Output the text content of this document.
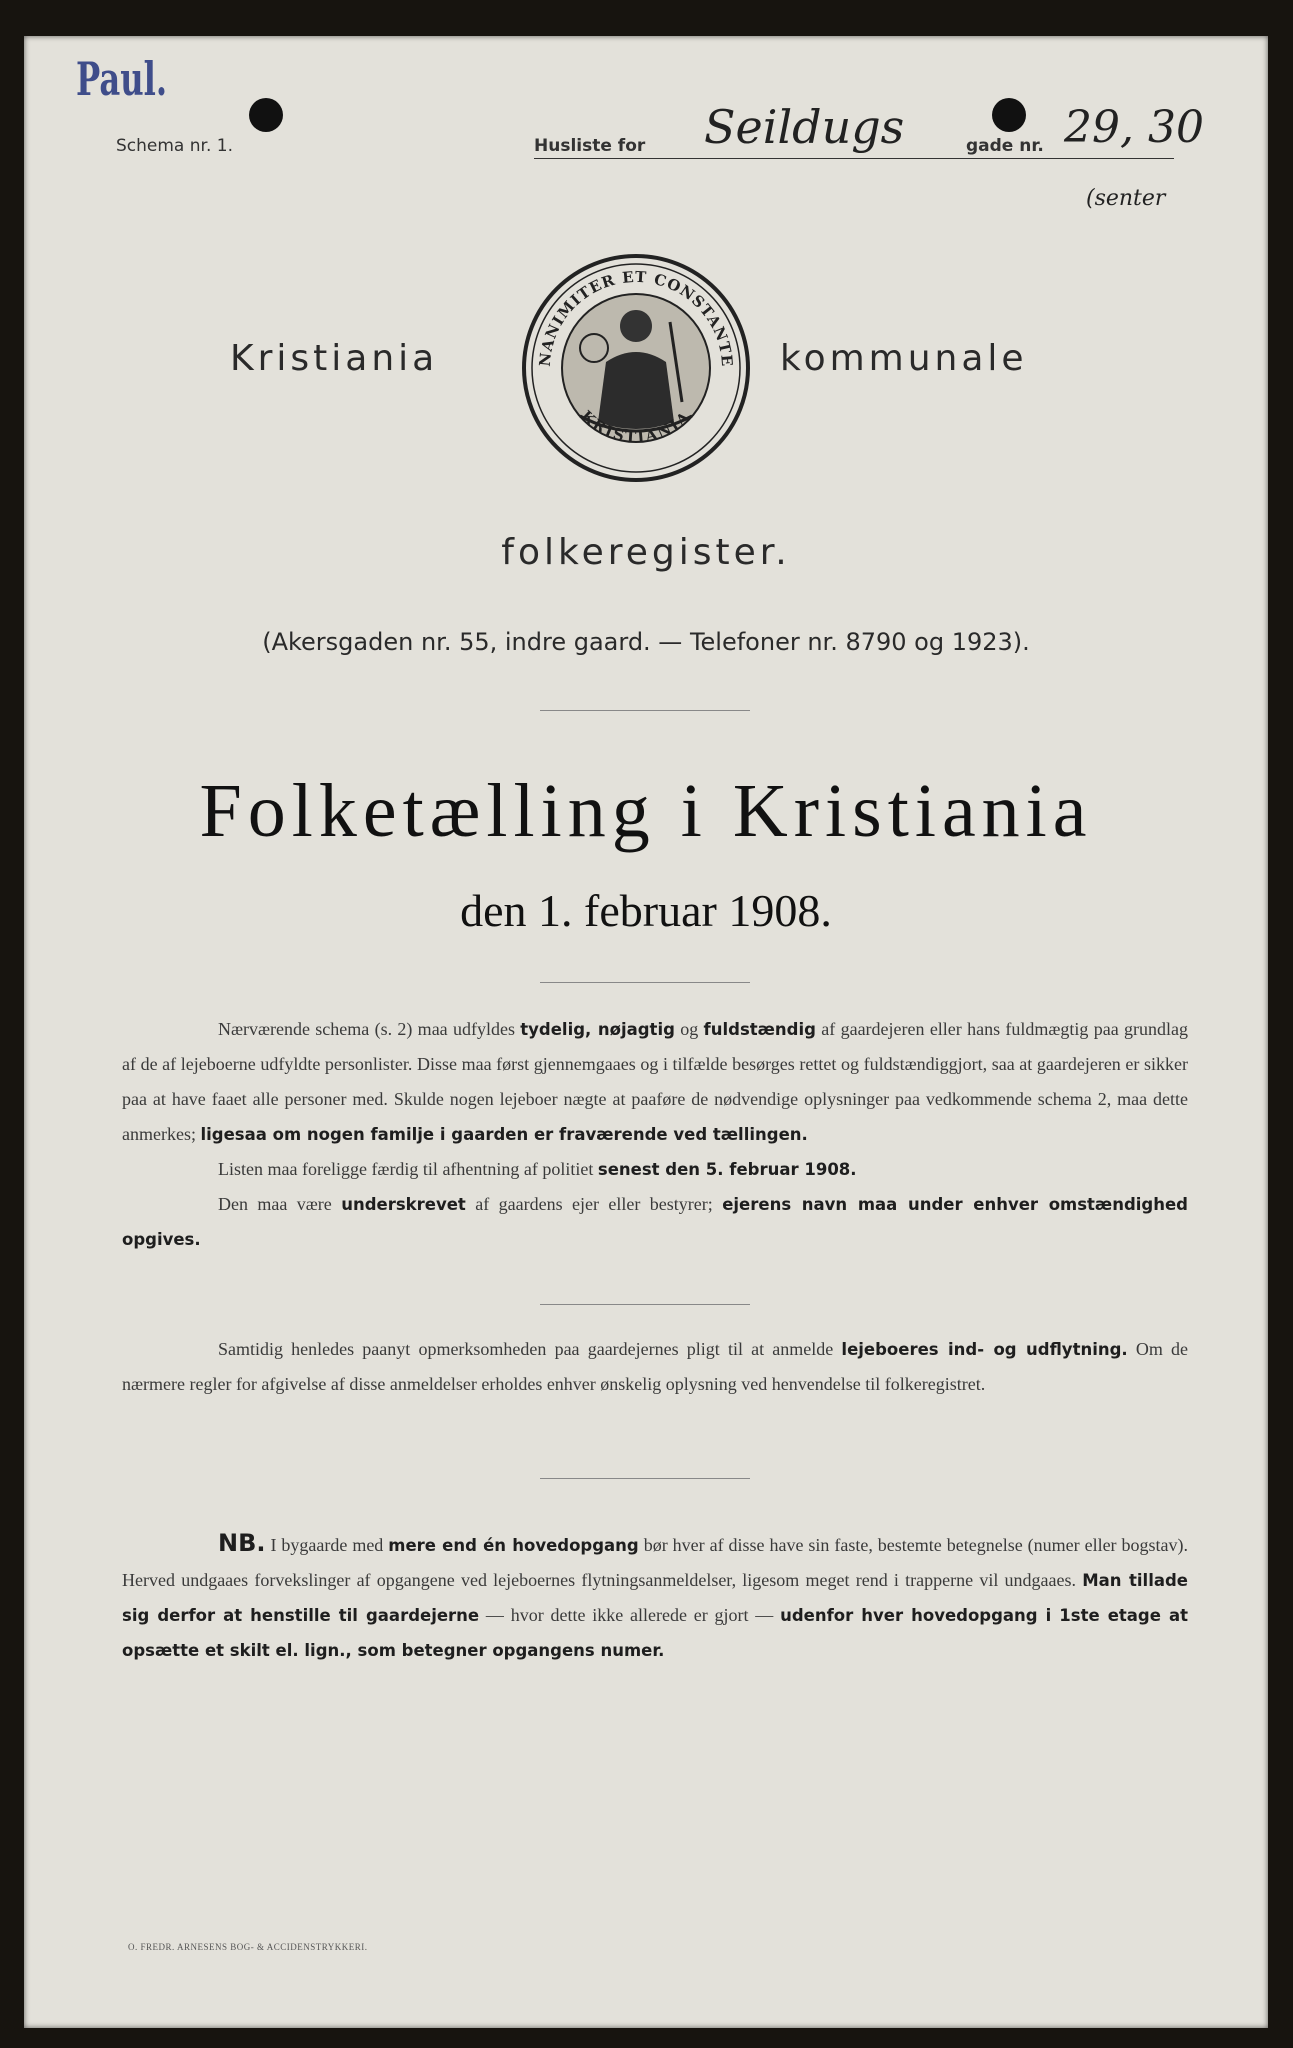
Paul.
Schema nr. 1.	Husliste for Seildugs	gade nr. 29, 30
(senter
NANIMITER ET CONSTANTE
KRISTIANIA
Kristiania	kommunale
folkeregister.
(Akersgaden nr. 55, indre gaard. — Telefoner nr. 8790 og 1923).
Folketælling i Kristiania
den 1. februar 1908.
Nærværende schema (s. 2) maa udfyldes tydelig, nøjagtig og fuldstændig af gaardejeren eller hans fuldmægtig paa grundlag af de af lejeboerne udfyldte personlister. Disse maa først gjennemgaaes og i tilfælde besørges rettet og fuldstændiggjort, saa at gaardejeren er sikker paa at have faaet alle personer med. Skulde nogen lejeboer nægte at paaføre de nødvendige oplysninger paa vedkommende schema 2, maa dette anmerkes; ligesaa om nogen familje i gaarden er fraværende ved tællingen.
Listen maa foreligge færdig til afhentning af politiet senest den 5. februar 1908.
Den maa være underskrevet af gaardens ejer eller bestyrer; ejerens navn maa under enhver omstændighed opgives.
Samtidig henledes paanyt opmerksomheden paa gaardejernes pligt til at anmelde lejeboeres ind- og udflytning. Om de nærmere regler for afgivelse af disse anmeldelser erholdes enhver ønskelig oplysning ved henvendelse til folkeregistret.
NB. I bygaarde med mere end én hovedopgang bør hver af disse have sin faste, bestemte betegnelse (numer eller bogstav). Herved undgaaes forvekslinger af opgangene ved lejeboernes flytningsanmeldelser, ligesom meget rend i trapperne vil undgaaes. Man tillade sig derfor at henstille til gaardejerne — hvor dette ikke allerede er gjort — udenfor hver hovedopgang i 1ste etage at opsætte et skilt el. lign., som betegner opgangens numer.
O. FREDR. ARNESENS BOG- & ACCIDENSTRYKKERI.
